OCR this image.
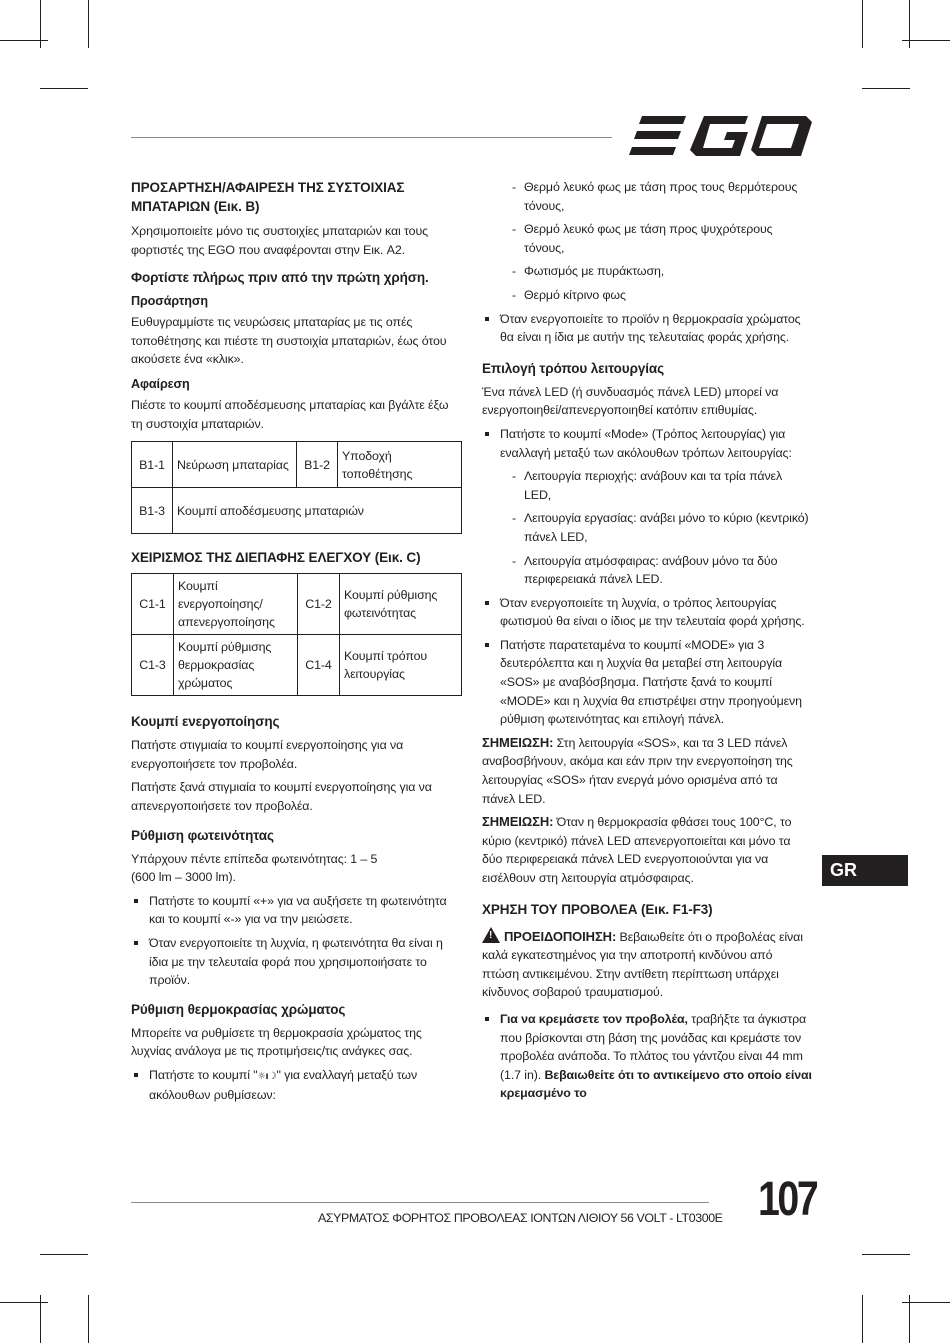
ΠΡΟΣΑΡΤΗΣΗ/ΑΦΑΙΡΕΣΗ ΤΗΣ ΣΥΣΤΟΙΧΙΑΣ ΜΠΑΤΑΡΙΩΝ (Εικ. B)

Χρησιμοποιείτε μόνο τις συστοιχίες μπαταριών και τους φορτιστές της EGO που αναφέρονται στην Εικ. A2.

Φορτίστε πλήρως πριν από την πρώτη χρήση.
Προσάρτηση

Ευθυγραμμίστε τις νευρώσεις μπαταρίας με τις οπές τοποθέτησης και πιέστε τη συστοιχία μπαταριών, έως ότου ακούσετε ένα «κλικ».

Αφαίρεση

Πιέστε το κουμπί αποδέσμευσης μπαταρίας και βγάλτε έξω τη συστοιχία μπαταριών.

B1-1	Νεύρωση μπαταρίας	B1-2	Υποδοχή τοποθέτησης
B1-3	Κουμπί αποδέσμευσης μπαταριών		
ΧΕΙΡΙΣΜΟΣ ΤΗΣ ΔΙΕΠΑΦΗΣ ΕΛΕΓΧΟΥ (Εικ. C)
C1-1	Κουμπί ενεργοποίησης/ απενεργοποίησης	C1-2	Κουμπί ρύθμισης φωτεινότητας
C1-3	Κουμπί ρύθμισης θερμοκρασίας χρώματος	C1-4	Κουμπί τρόπου λειτουργίας
Κουμπί ενεργοποίησης

Πατήστε στιγμιαία το κουμπί ενεργοποίησης για να ενεργοποιήσετε τον προβολέα.

Πατήστε ξανά στιγμιαία το κουμπί ενεργοποίησης για να απενεργοποιήσετε τον προβολέα.

Ρύθμιση φωτεινότητας

Υπάρχουν πέντε επίπεδα φωτεινότητας: 1 – 5
(600 lm – 3000 lm).

Πατήστε το κουμπί «+» για να αυξήσετε τη φωτεινότητα και το κουμπί «-» για να την μειώσετε.
Όταν ενεργοποιείτε τη λυχνία, η φωτεινότητα θα είναι η ίδια με την τελευταία φορά που χρησιμοποιήσατε το προϊόν.
Ρύθμιση θερμοκρασίας χρώματος

Μπορείτε να ρυθμίσετε τη θερμοκρασία χρώματος της λυχνίας ανάλογα με τις προτιμήσεις/τις ανάγκες σας.

Πατήστε το κουμπί "☼ı☽" για εναλλαγή μεταξύ των ακόλουθων ρυθμίσεων:
- Θερμό λευκό φως με τάση προς τους θερμότερους τόνους,
- Θερμό λευκό φως με τάση προς ψυχρότερους τόνους,
- Φωτισμός με πυράκτωση,
- Θερμό κίτρινο φως
Όταν ενεργοποιείτε το προϊόν η θερμοκρασία χρώματος θα είναι η ίδια με αυτήν της τελευταίας φοράς χρήσης.
Επιλογή τρόπου λειτουργίας

Ένα πάνελ LED (ή συνδυασμός πάνελ LED) μπορεί να ενεργοποιηθεί/απενεργοποιηθεί κατόπιν επιθυμίας.

Πατήστε το κουμπί «Mode» (Τρόπος λειτουργίας) για εναλλαγή μεταξύ των ακόλουθων τρόπων λειτουργίας:
- Λειτουργία περιοχής: ανάβουν και τα τρία πάνελ LED,
- Λειτουργία εργασίας: ανάβει μόνο το κύριο (κεντρικό) πάνελ LED,
- Λειτουργία ατμόσφαιρας: ανάβουν μόνο τα δύο περιφερειακά πάνελ LED.
Όταν ενεργοποιείτε τη λυχνία, ο τρόπος λειτουργίας φωτισμού θα είναι ο ίδιος με την τελευταία φορά χρήσης.
Πατήστε παρατεταμένα το κουμπί «MODE» για 3 δευτερόλεπτα και η λυχνία θα μεταβεί στη λειτουργία «SOS» με αναβόσβησμα. Πατήστε ξανά το κουμπί «MODE» και η λυχνία θα επιστρέψει στην προηγούμενη ρύθμιση φωτεινότητας και επιλογή πάνελ.

ΣΗΜΕΙΩΣΗ: Στη λειτουργία «SOS», και τα 3 LED πάνελ αναβοσβήνουν, ακόμα και εάν πριν την ενεργοποίηση της λειτουργίας «SOS» ήταν ενεργά μόνο ορισμένα από τα πάνελ LED.

ΣΗΜΕΙΩΣΗ: Όταν η θερμοκρασία φθάσει τους 100°C, το κύριο (κεντρικό) πάνελ LED απενεργοποιείται και μόνο τα δύο περιφερειακά πάνελ LED ενεργοποιούνται για να εισέλθουν στη λειτουργία ατμόσφαιρας.

ΧΡΗΣΗ ΤΟΥ ΠΡΟΒΟΛΕΑ (Εικ. F1-F3)

! ΠΡΟΕΙΔΟΠΟΙΗΣΗ: Βεβαιωθείτε ότι ο προβολέας είναι καλά εγκατεστημένος για την αποτροπή κινδύνου από πτώση αντικειμένου. Στην αντίθετη περίπτωση υπάρχει κίνδυνος σοβαρού τραυματισμού.

Για να κρεμάσετε τον προβολέα, τραβήξτε τα άγκιστρα που βρίσκονται στη βάση της μονάδας και κρεμάστε τον προβολέα ανάποδα. Το πλάτος του γάντζου είναι 44 mm (1.7 in). Βεβαιωθείτε ότι το αντικείμενο στο οποίο είναι κρεμασμένο το
GR
ΑΣΥΡΜΑΤΟΣ ΦΟΡΗΤΟΣ ΠΡΟΒΟΛΕΑΣ ΙΟΝΤΩΝ ΛΙΘΙΟΥ 56 VOLT - LT0300E 107
